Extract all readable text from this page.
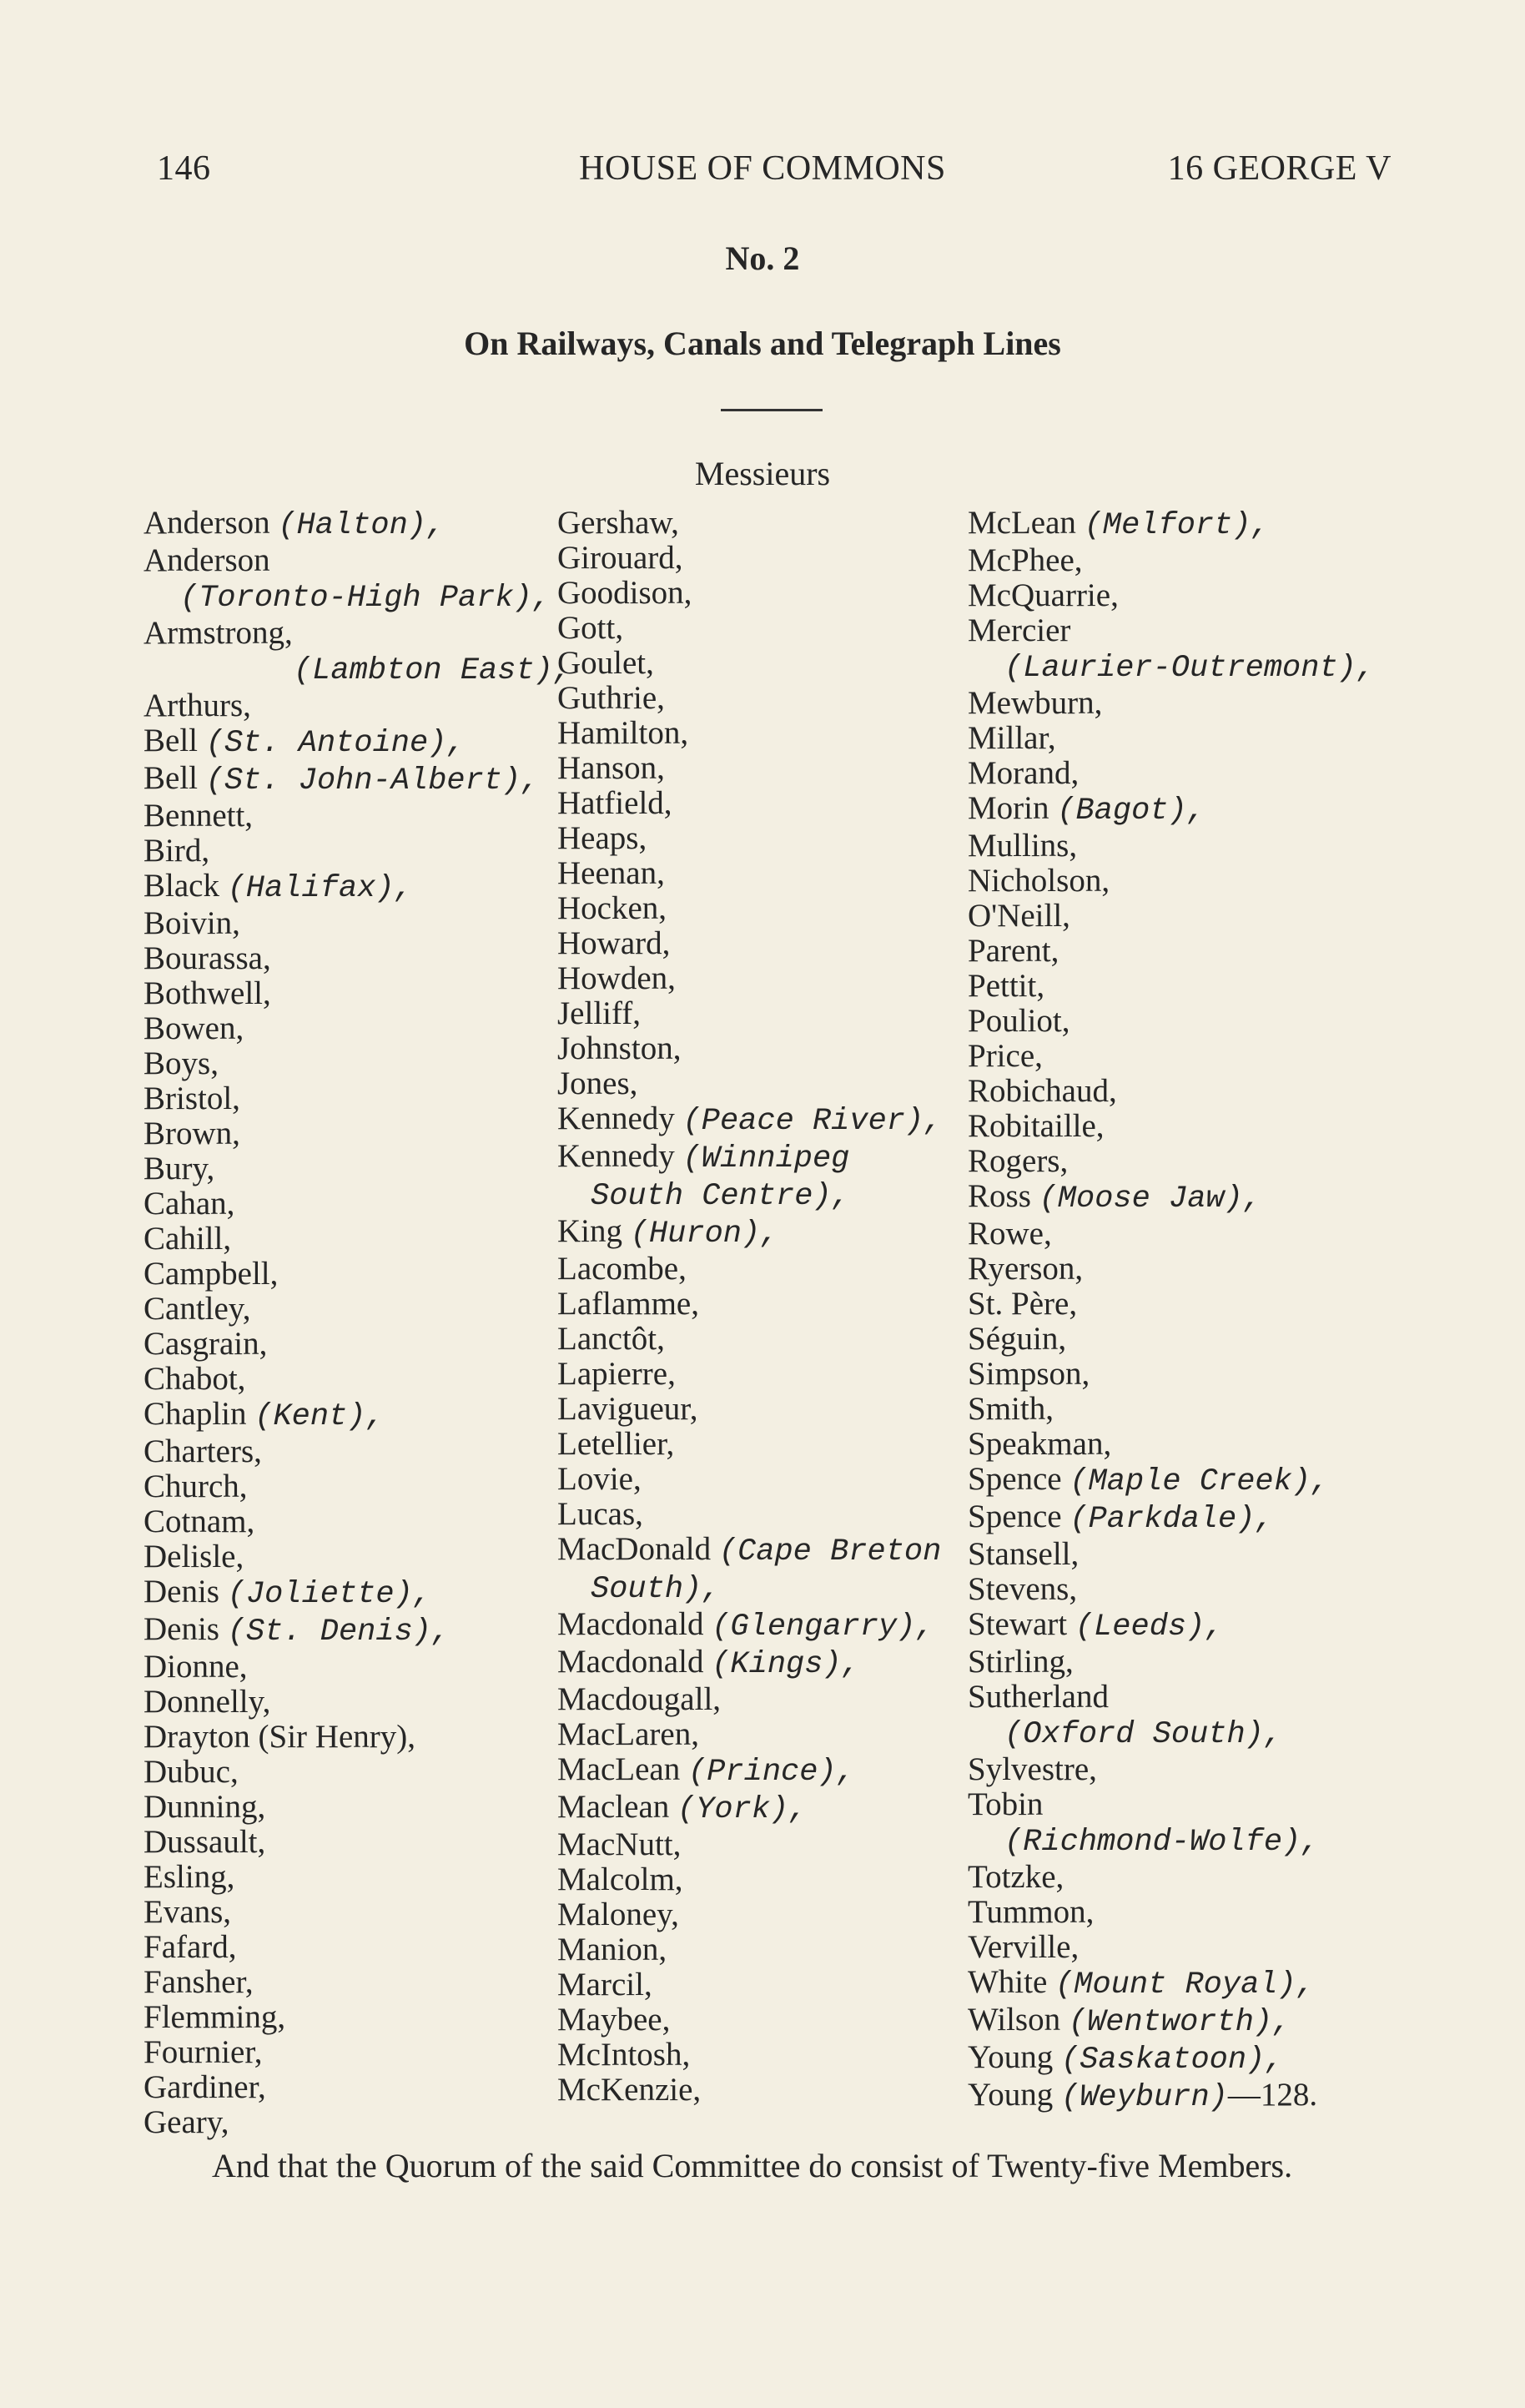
HOUSE OF COMMONS
146	16 GEORGE V
No. 2
On Railways, Canals and Telegraph Lines
Messieurs
Anderson (Halton),
Anderson
(Toronto-High Park),
Armstrong,
(Lambton East),
Arthurs,
Bell (St. Antoine),
Bell (St. John-Albert),
Bennett,
Bird,
Black (Halifax),
Boivin,
Bourassa,
Bothwell,
Bowen,
Boys,
Bristol,
Brown,
Bury,
Cahan,
Cahill,
Campbell,
Cantley,
Casgrain,
Chabot,
Chaplin (Kent),
Charters,
Church,
Cotnam,
Delisle,
Denis (Joliette),
Denis (St. Denis),
Dionne,
Donnelly,
Drayton (Sir Henry),
Dubuc,
Dunning,
Dussault,
Esling,
Evans,
Fafard,
Fansher,
Flemming,
Fournier,
Gardiner,
Geary,
Gershaw,
Girouard,
Goodison,
Gott,
Goulet,
Guthrie,
Hamilton,
Hanson,
Hatfield,
Heaps,
Heenan,
Hocken,
Howard,
Howden,
Jelliff,
Johnston,
Jones,
Kennedy (Peace River),
Kennedy (Winnipeg
South Centre),
King (Huron),
Lacombe,
Laflamme,
Lanctôt,
Lapierre,
Lavigueur,
Letellier,
Lovie,
Lucas,
MacDonald (Cape Breton
South),
Macdonald (Glengarry),
Macdonald (Kings),
Macdougall,
MacLaren,
MacLean (Prince),
Maclean (York),
MacNutt,
Malcolm,
Maloney,
Manion,
Marcil,
Maybee,
McIntosh,
McKenzie,
McLean (Melfort),
McPhee,
McQuarrie,
Mercier
(Laurier-Outremont),
Mewburn,
Millar,
Morand,
Morin (Bagot),
Mullins,
Nicholson,
O'Neill,
Parent,
Pettit,
Pouliot,
Price,
Robichaud,
Robitaille,
Rogers,
Ross (Moose Jaw),
Rowe,
Ryerson,
St. Père,
Séguin,
Simpson,
Smith,
Speakman,
Spence (Maple Creek),
Spence (Parkdale),
Stansell,
Stevens,
Stewart (Leeds),
Stirling,
Sutherland
(Oxford South),
Sylvestre,
Tobin
(Richmond-Wolfe),
Totzke,
Tummon,
Verville,
White (Mount Royal),
Wilson (Wentworth),
Young (Saskatoon),
Young (Weyburn)—128.

And that the Quorum of the said Committee do consist of Twenty-five Members.
